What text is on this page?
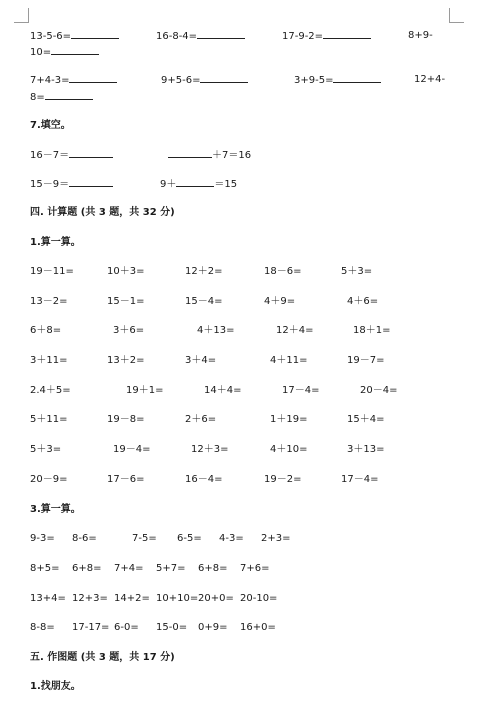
13-5-6=	16-8-4=	17-9-2=	8+9-
10=
7+4-3=	9+5-6=	3+9-5=	12+4-
8=
7.填空。
16－7＝	＋7＝16
15－9＝	9＋	＝15
四. 计算题 (共 3 题，共 32 分)
1.算一算。
19－11=	10＋3=	12＋2=	18－6=	5＋3=
13－2=	15－1=	15－4=	4＋9=	4＋6=
6＋8=	3＋6=	4＋13=	12＋4=	18＋1=
3＋11=	13＋2=	3＋4=	4＋11=	19－7=
2.4＋5=	19＋1=	14＋4=	17－4=	20－4=
5＋11=	19－8=	2＋6=	1＋19=	15＋4=
5＋3=	19－4=	12＋3=	4＋10=	3＋13=
20－9=	17－6=	16－4=	19－2=	17－4=
3.算一算。
9-3= 8-6=	7-5= 6-5= 4-3= 2+3=
8+5= 6+8= 7+4= 5+7= 6+8= 7+6=
13+4= 12+3= 14+2= 10+10= 20+0= 20-10=
8-8= 17-17= 6-0= 15-0= 0+9= 16+0=
五. 作图题 (共 3 题，共 17 分)
1.找朋友。
